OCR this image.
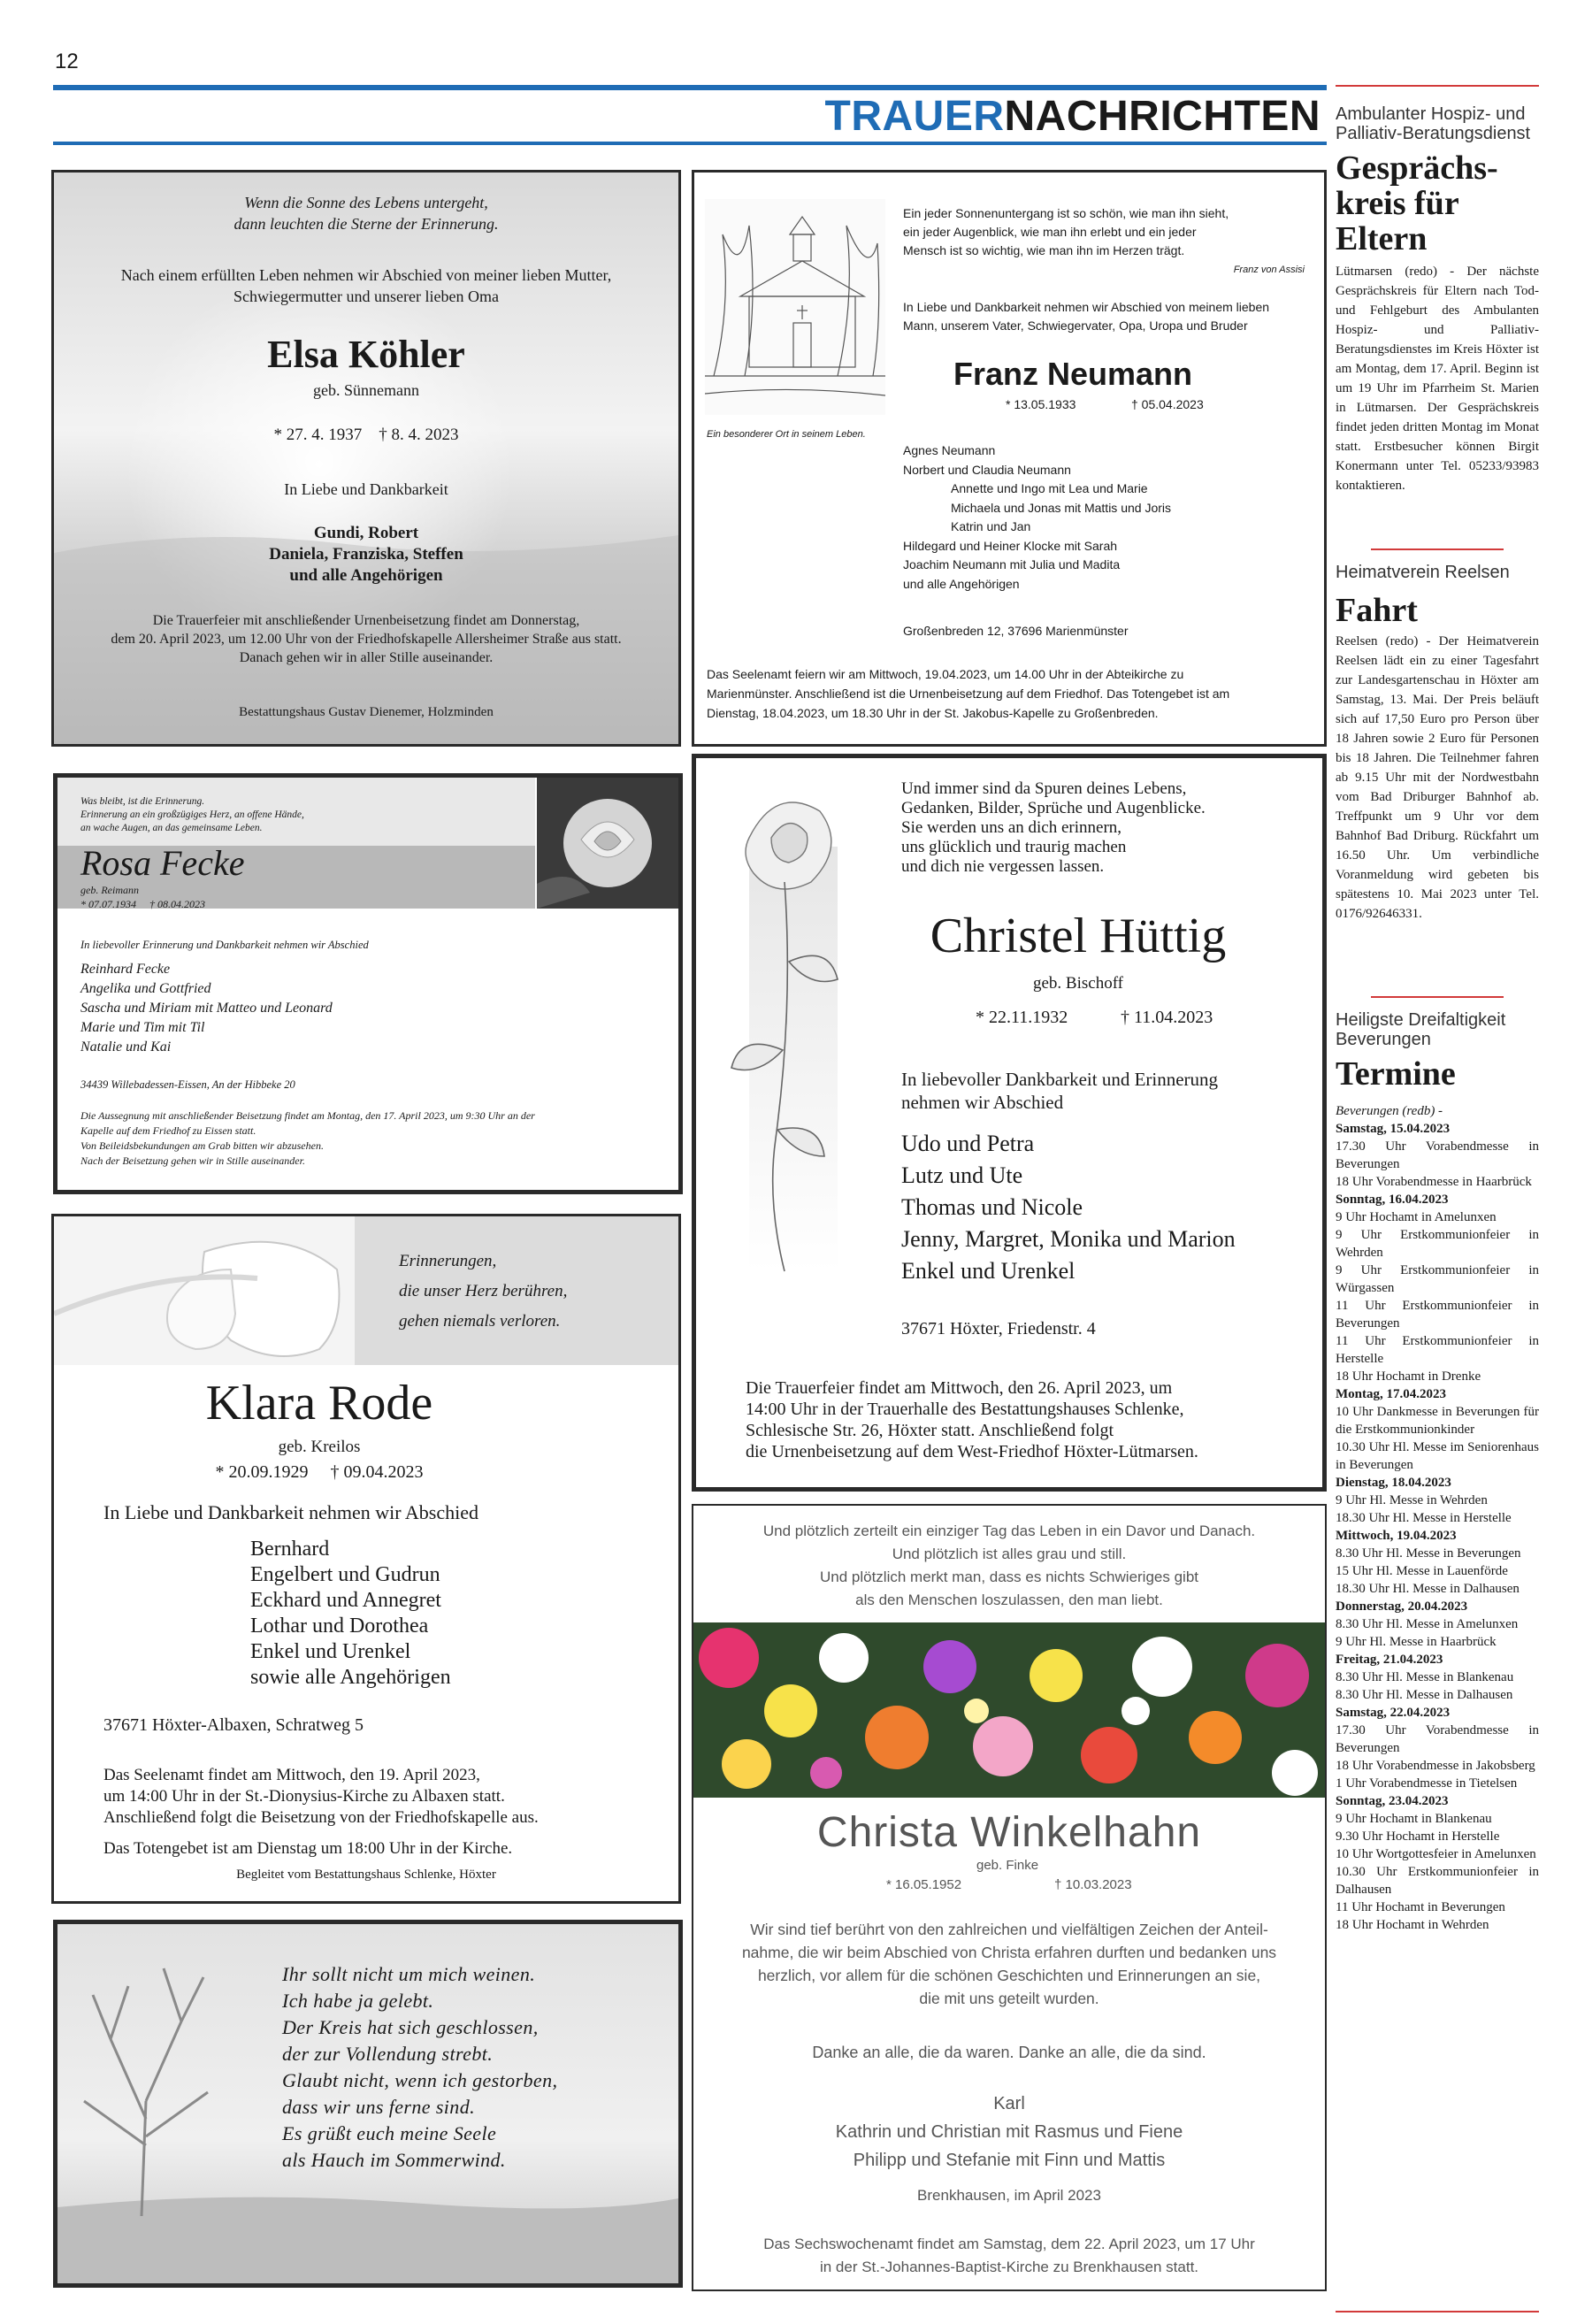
12
TRAUERNACHRICHTEN Ambulanter Hospiz- und Palliativ-Beratungsdienst
Gesprächs-
kreis für
Eltern
Lütmarsen (redo) - Der nächste Gesprächskreis für Eltern nach Tod- und Fehlgeburt des Ambulanten Hospiz- und Palliativ-Beratungsdienstes im Kreis Höxter ist am Montag, dem 17. April. Beginn ist um 19 Uhr im Pfarrheim St. Marien in Lütmarsen. Der Gesprächskreis findet jeden dritten Montag im Monat statt. Erstbesucher können Birgit Konermann unter Tel. 05233/93983 kontaktieren.
Heimatverein Reelsen
Fahrt
Reelsen (redo) - Der Heimatverein Reelsen lädt ein zu einer Tagesfahrt zur Landesgartenschau in Höxter am Samstag, 13. Mai. Der Preis beläuft sich auf 17,50 Euro pro Person über 18 Jahren sowie 2 Euro für Personen bis 18 Jahren. Die Teilnehmer fahren ab 9.15 Uhr mit der Nordwestbahn vom Bad Driburger Bahnhof ab. Treffpunkt um 9 Uhr vor dem Bahnhof Bad Driburg. Rückfahrt um 16.50 Uhr. Um verbindliche Voranmeldung wird gebeten bis spätestens 10. Mai 2023 unter Tel. 0176/92646331.
Heiligste Dreifaltigkeit
Beverungen
Termine
Beverungen (redb) -
Samstag, 15.04.2023
17.30 Uhr Vorabendmesse in Beverungen
18 Uhr Vorabendmesse in Haarbrück
Sonntag, 16.04.2023
9 Uhr Hochamt in Amelunxen
9 Uhr Erstkommunionfeier in Wehrden
9 Uhr Erstkommunionfeier in Würgassen
11 Uhr Erstkommunionfeier in Beverungen
11 Uhr Erstkommunionfeier in Herstelle
18 Uhr Hochamt in Drenke
Montag, 17.04.2023
10 Uhr Dankmesse in Beverungen für die Erstkommunionkinder
10.30 Uhr Hl. Messe im Seniorenhaus in Beverungen
Dienstag, 18.04.2023
9 Uhr Hl. Messe in Wehrden
18.30 Uhr Hl. Messe in Herstelle
Mittwoch, 19.04.2023
8.30 Uhr Hl. Messe in Beverungen
15 Uhr Hl. Messe in Lauenförde
18.30 Uhr Hl. Messe in Dalhausen
Donnerstag, 20.04.2023
8.30 Uhr Hl. Messe in Amelunxen
9 Uhr Hl. Messe in Haarbrück
Freitag, 21.04.2023
8.30 Uhr Hl. Messe in Blankenau
8.30 Uhr Hl. Messe in Dalhausen
Samstag, 22.04.2023
17.30 Uhr Vorabendmesse in Beverungen
18 Uhr Vorabendmesse in Jakobsberg
1 Uhr Vorabendmesse in Tietelsen
Sonntag, 23.04.2023
9 Uhr Hochamt in Blankenau
9.30 Uhr Hochamt in Herstelle
10 Uhr Wortgottesfeier in Amelunxen
10.30 Uhr Erstkommunionfeier in Dalhausen
11 Uhr Hochamt in Beverungen
18 Uhr Hochamt in Wehrden
Wenn die Sonne des Lebens untergeht,
dann leuchten die Sterne der Erinnerung.
Nach einem erfüllten Leben nehmen wir Abschied von meiner lieben Mutter,
Schwiegermutter und unserer lieben Oma
Elsa Köhler
geb. Sünnemann
* 27. 4. 1937    † 8. 4. 2023
In Liebe und Dankbarkeit
Gundi, Robert
Daniela, Franziska, Steffen
und alle Angehörigen
Die Trauerfeier mit anschließender Urnenbeisetzung findet am Donnerstag,
dem 20. April 2023, um 12.00 Uhr von der Friedhofskapelle Allersheimer Straße aus statt.
Danach gehen wir in aller Stille auseinander.
Bestattungshaus Gustav Dienemer, Holzminden
Ein besonderer Ort in seinem Leben.
Ein jeder Sonnenuntergang ist so schön, wie man ihn sieht,
ein jeder Augenblick, wie man ihn erlebt und ein jeder
Mensch ist so wichtig, wie man ihn im Herzen trägt.
Franz von Assisi
In Liebe und Dankbarkeit nehmen wir Abschied von meinem lieben
Mann, unserem Vater, Schwiegervater, Opa, Uropa und Bruder
Franz Neumann
* 13.05.1933	† 05.04.2023
Agnes Neumann
Norbert und Claudia Neumann
Annette und Ingo mit Lea und Marie
Michaela und Jonas mit Mattis und Joris
Katrin und Jan
Hildegard und Heiner Klocke mit Sarah
Joachim Neumann mit Julia und Madita
und alle Angehörigen
Großenbreden 12, 37696 Marienmünster
Das Seelenamt feiern wir am Mittwoch, 19.04.2023, um 14.00 Uhr in der Abteikirche zu
Marienmünster. Anschließend ist die Urnenbeisetzung auf dem Friedhof. Das Totengebet ist am
Dienstag, 18.04.2023, um 18.30 Uhr in der St. Jakobus-Kapelle zu Großenbreden.
Was bleibt, ist die Erinnerung.
Erinnerung an ein großzügiges Herz, an offene Hände,
an wache Augen, an das gemeinsame Leben.
Rosa Fecke
geb. Reimann
* 07.07.1934     † 08.04.2023
In liebevoller Erinnerung und Dankbarkeit nehmen wir Abschied
Reinhard Fecke
Angelika und Gottfried
Sascha und Miriam mit Matteo und Leonard
Marie und Tim mit Til
Natalie und Kai
34439 Willebadessen-Eissen, An der Hibbeke 20
Die Aussegnung mit anschließender Beisetzung findet am Montag, den 17. April 2023, um 9:30 Uhr an der
Kapelle auf dem Friedhof zu Eissen statt.
Von Beileidsbekundungen am Grab bitten wir abzusehen.
Nach der Beisetzung gehen wir in Stille auseinander.
Und immer sind da Spuren deines Lebens,
Gedanken, Bilder, Sprüche und Augenblicke.
Sie werden uns an dich erinnern,
uns glücklich und traurig machen
und dich nie vergessen lassen.
Christel Hüttig
geb. Bischoff
* 22.11.1932	† 11.04.2023
In liebevoller Dankbarkeit und Erinnerung
nehmen wir Abschied
Udo und Petra
Lutz und Ute
Thomas und Nicole
Jenny, Margret, Monika und Marion
Enkel und Urenkel
37671 Höxter, Friedenstr. 4
Die Trauerfeier findet am Mittwoch, den 26. April 2023, um
14:00 Uhr in der Trauerhalle des Bestattungshauses Schlenke,
Schlesische Str. 26, Höxter statt. Anschließend folgt
die Urnenbeisetzung auf dem West-Friedhof Höxter-Lütmarsen.
Erinnerungen,
die unser Herz berühren,
gehen niemals verloren.
Klara Rode
geb. Kreilos
* 20.09.1929     † 09.04.2023
In Liebe und Dankbarkeit nehmen wir Abschied
Bernhard
Engelbert und Gudrun
Eckhard und Annegret
Lothar und Dorothea
Enkel und Urenkel
sowie alle Angehörigen
37671 Höxter-Albaxen, Schratweg 5
Das Seelenamt findet am Mittwoch, den 19. April 2023,
um 14:00 Uhr in der St.-Dionysius-Kirche zu Albaxen statt.
Anschließend folgt die Beisetzung von der Friedhofskapelle aus.
Das Totengebet ist am Dienstag um 18:00 Uhr in der Kirche.
Begleitet vom Bestattungshaus Schlenke, Höxter
Ihr sollt nicht um mich weinen.
Ich habe ja gelebt.
Der Kreis hat sich geschlossen,
der zur Vollendung strebt.
Glaubt nicht, wenn ich gestorben,
dass wir uns ferne sind.
Es grüßt euch meine Seele
als Hauch im Sommerwind.
Und plötzlich zerteilt ein einziger Tag das Leben in ein Davor und Danach.
Und plötzlich ist alles grau und still.
Und plötzlich merkt man, dass es nichts Schwieriges gibt
als den Menschen loszulassen, den man liebt.
Christa Winkelhahn
geb. Finke
* 16.05.1952	† 10.03.2023
Wir sind tief berührt von den zahlreichen und vielfältigen Zeichen der Anteil-
nahme, die wir beim Abschied von Christa erfahren durften und bedanken uns
herzlich, vor allem für die schönen Geschichten und Erinnerungen an sie,
die mit uns geteilt wurden.
Danke an alle, die da waren. Danke an alle, die da sind.
Karl
Kathrin und Christian mit Rasmus und Fiene
Philipp und Stefanie mit Finn und Mattis
Brenkhausen, im April 2023
Das Sechswochenamt findet am Samstag, dem 22. April 2023, um 17 Uhr
in der St.-Johannes-Baptist-Kirche zu Brenkhausen statt.
